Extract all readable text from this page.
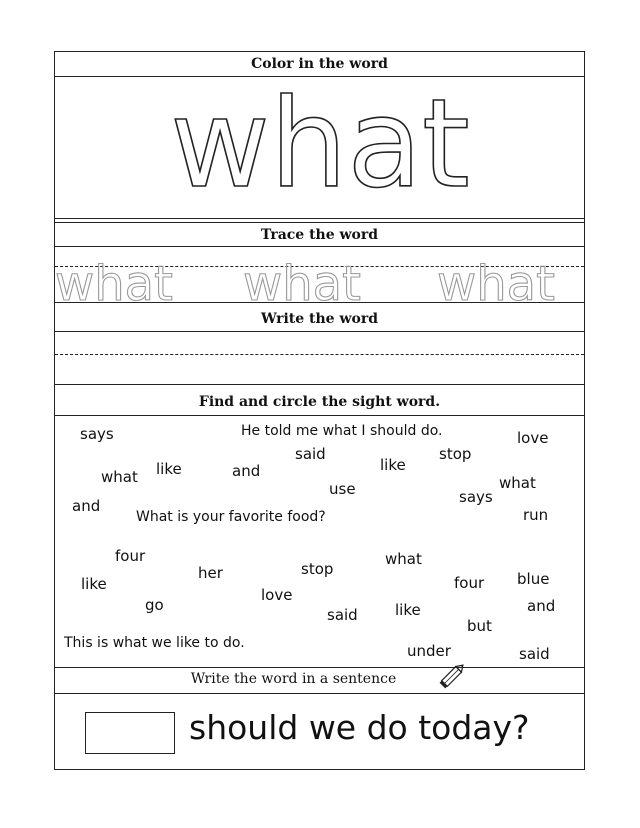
Color in the word
what
Trace the word
what what what
Write the word
Find and circle the sight word.
He told me what I should do.
What is your favorite food?
This is what we like to do.
says	love
said	stop
like
what like	and
use	what
says
and	run
four	what
stop
her
four blue
like
go
love
said like	and
but
under	said
Write the word in a sentence
should we do today?
